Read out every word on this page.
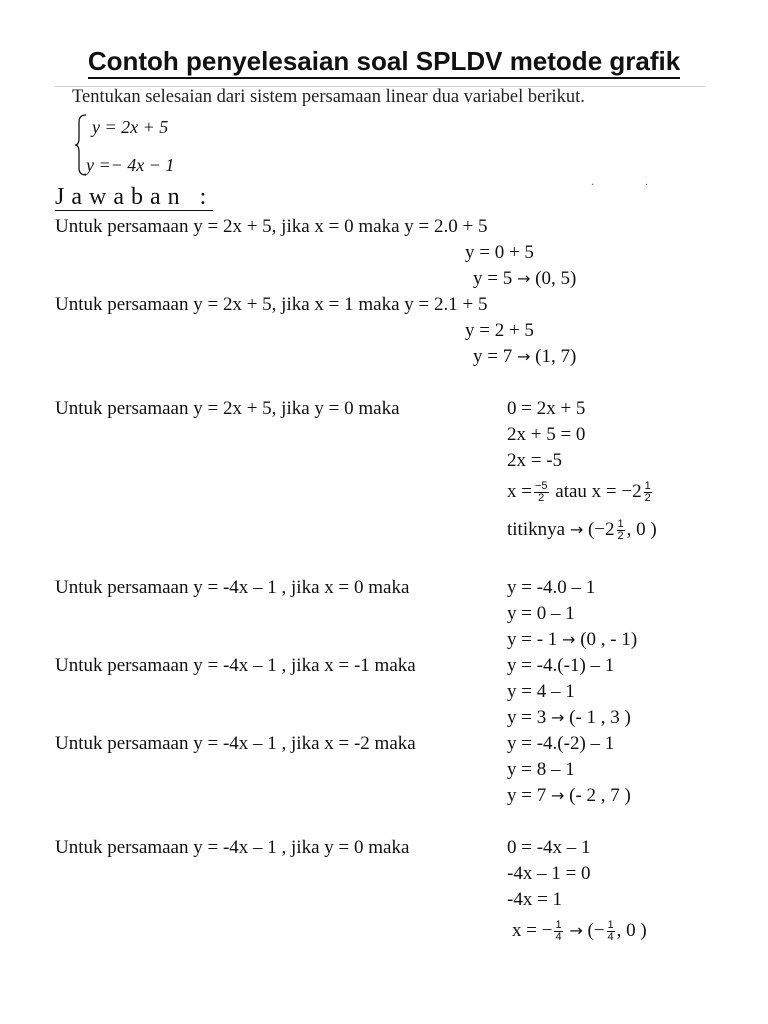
Contoh penyelesaian soal SPLDV metode grafik
Tentukan selesaian dari sistem persamaan linear dua variabel berikut.
y = 2x + 5
y =− 4x − 1
. .
Jawaban :
Untuk persamaan y = 2x + 5, jika x = 0 maka y = 2.0 + 5
y = 0 + 5
y = 5 → (0, 5)
Untuk persamaan y = 2x + 5, jika x = 1 maka y = 2.1 + 5
y = 2 + 5
y = 7 → (1, 7)
Untuk persamaan y = 2x + 5, jika y = 0 maka	0 = 2x + 5
2x + 5 = 0
2x = -5
$x = \frac{-5}{2}$ atau $x = -2 \frac{1}{2}$
titiknya → ($-2 \frac{1}{2}$ , 0 )
Untuk persamaan y = -4x – 1 , jika x = 0 maka	y = -4.0 – 1
y = 0 – 1
y = - 1 → (0 , - 1)
Untuk persamaan y = -4x – 1 , jika x = -1 maka	y = -4.(-1) – 1
y = 4 – 1
y = 3 → (- 1 , 3 )
Untuk persamaan y = -4x – 1 , jika x = -2 maka	y = -4.(-2) – 1
y = 8 – 1
y = 7 → (- 2 , 7 )
Untuk persamaan y = -4x – 1 , jika y = 0 maka	0 = -4x – 1
-4x – 1 = 0
-4x = 1
x = − $\frac{1}{4}$ → (− $\frac{1}{4}$ , 0 )
